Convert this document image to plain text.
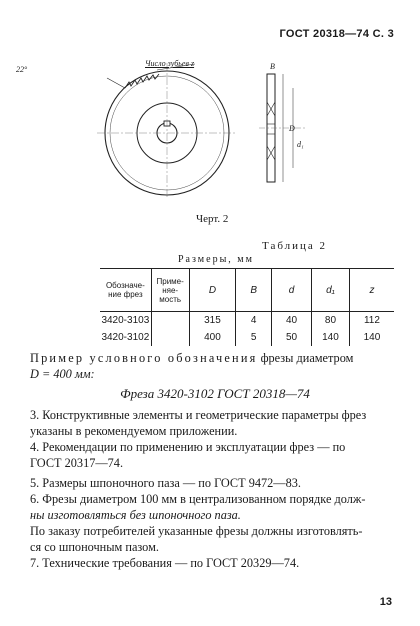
ГОСТ 20318—74 С. 3
22°
Число зубьев z	B
D
d₁
Черт. 2
Таблица 2
Размеры, мм
Обозначе-ние фрез	Приме-няе-мость	D	B	d	d₁	z
3420-3103		315	4	40	80	112
3420-3102		400	5	50	140	140
Пример условного обозначения фрезы диаметром
D = 400 мм:
Фреза 3420-3102 ГОСТ 20318—74
3. Конструктивные элементы и геометрические параметры фрез
указаны в рекомендуемом приложении.
4. Рекомендации по применению и эксплуатации фрез — по
ГОСТ 20317—74.
5. Размеры шпоночного паза — по ГОСТ 9472—83.
6. Фрезы диаметром 100 мм в централизованном порядке долж-
ны изготовляться без шпоночного паза.
По заказу потребителей указанные фрезы должны изготовлять-
ся со шпоночным пазом.
7. Технические требования — по ГОСТ 20329—74.
13
